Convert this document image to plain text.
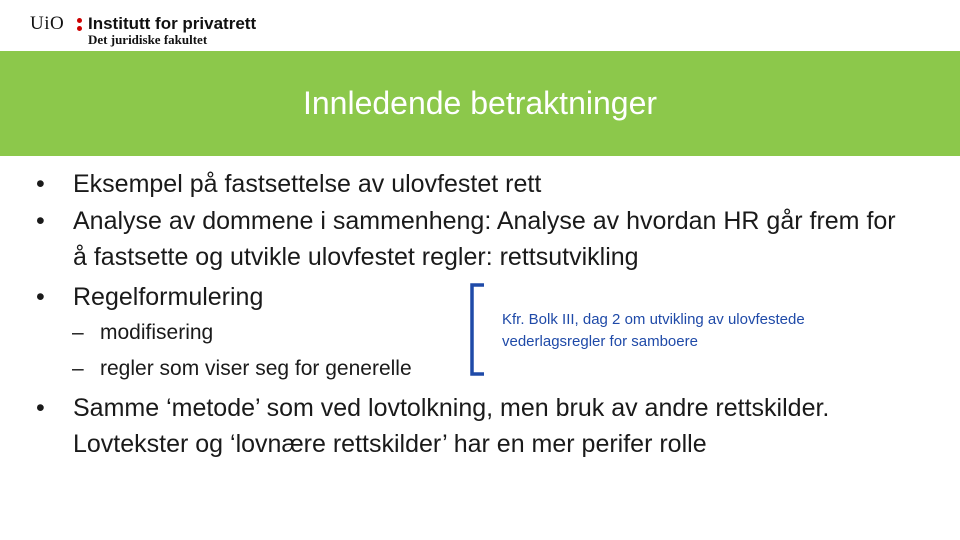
UiO Institutt for privatrett
Det juridiske fakultet
Innledende betraktninger
•	Eksempel på fastsettelse av ulovfestet rett
•	Analyse av dommene i sammenheng: Analyse av hvordan HR går frem for å fastsette og utvikle ulovfestet regler: rettsutvikling
•	Regelformulering
– modifisering
– regler som viser seg for generelle
Kfr. Bolk III, dag 2 om utvikling av ulovfestede vederlagsregler for samboere
•	Samme ‘metode’ som ved lovtolkning, men bruk av andre rettskilder. Lovtekster og ‘lovnære rettskilder’ har en mer perifer rolle
